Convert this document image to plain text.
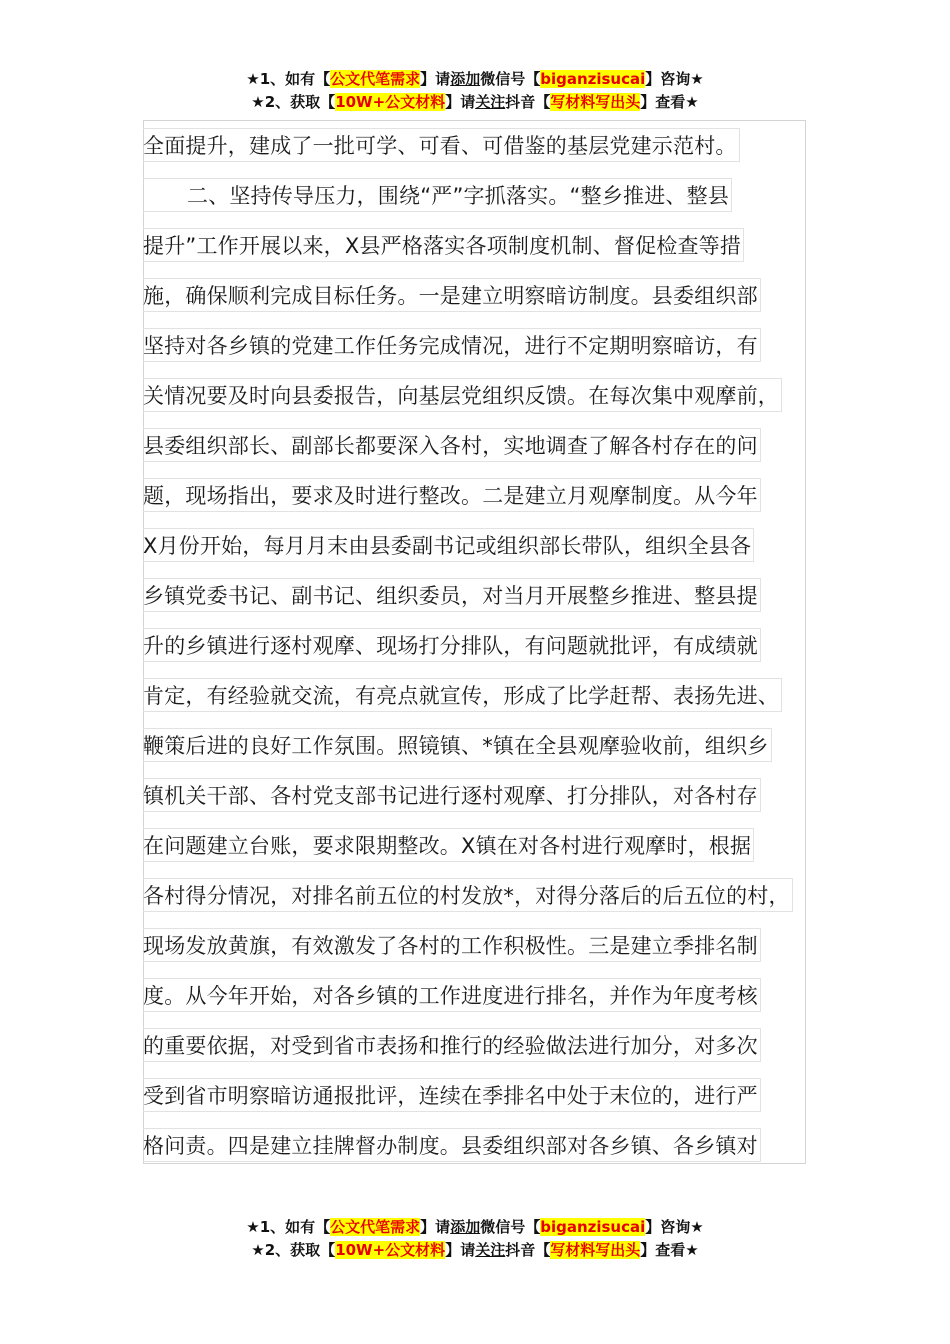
★1、如有【公文代笔需求】请添加微信号【biganzisucai】咨询★
★2、获取【10W+公文材料】请关注抖音【写材料写出头】查看★
全面提升，建成了一批可学、可看、可借鉴的基层党建示范村。
二、坚持传导压力，围绕“严”字抓落实。“整乡推进、整县
提升”工作开展以来，X县严格落实各项制度机制、督促检查等措
施，确保顺利完成目标任务。一是建立明察暗访制度。县委组织部
坚持对各乡镇的党建工作任务完成情况，进行不定期明察暗访，有
关情况要及时向县委报告，向基层党组织反馈。在每次集中观摩前，
县委组织部长、副部长都要深入各村，实地调查了解各村存在的问
题，现场指出，要求及时进行整改。二是建立月观摩制度。从今年
X月份开始，每月月末由县委副书记或组织部长带队，组织全县各
乡镇党委书记、副书记、组织委员，对当月开展整乡推进、整县提
升的乡镇进行逐村观摩、现场打分排队，有问题就批评，有成绩就
肯定，有经验就交流，有亮点就宣传，形成了比学赶帮、表扬先进、
鞭策后进的良好工作氛围。照镜镇、*镇在全县观摩验收前，组织乡
镇机关干部、各村党支部书记进行逐村观摩、打分排队，对各村存
在问题建立台账，要求限期整改。X镇在对各村进行观摩时，根据
各村得分情况，对排名前五位的村发放*，对得分落后的后五位的村，
现场发放黄旗，有效激发了各村的工作积极性。三是建立季排名制
度。从今年开始，对各乡镇的工作进度进行排名，并作为年度考核
的重要依据，对受到省市表扬和推行的经验做法进行加分，对多次
受到省市明察暗访通报批评，连续在季排名中处于末位的，进行严
格问责。四是建立挂牌督办制度。县委组织部对各乡镇、各乡镇对
★1、如有【公文代笔需求】请添加微信号【biganzisucai】咨询★
★2、获取【10W+公文材料】请关注抖音【写材料写出头】查看★
